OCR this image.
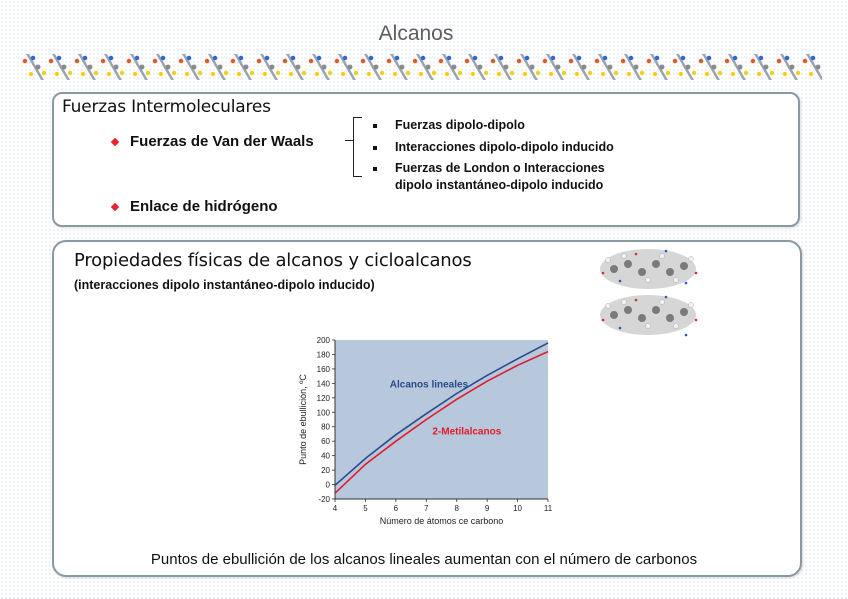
Alcanos
Fuerzas Intermoleculares
Fuerzas de Van der Waals
Fuerzas dipolo-dipolo
Interacciones dipolo-dipolo inducido
Fuerzas de London o Interacciones
dipolo instantáneo-dipolo inducido
Enlace de hidrógeno
Propiedades físicas de alcanos y cicloalcanos
(interacciones dipolo instantáneo-dipolo inducido)
-20
0
20
40
60
80
100
120
140
160
180
200
4	5	6	7	8	9	10	11
Número de átomos ce carbono
Punto de ebullición, ºC	Alcanos lineales
2-Metilalcanos
Puntos de ebullición de los alcanos lineales aumentan con el número de carbonos
